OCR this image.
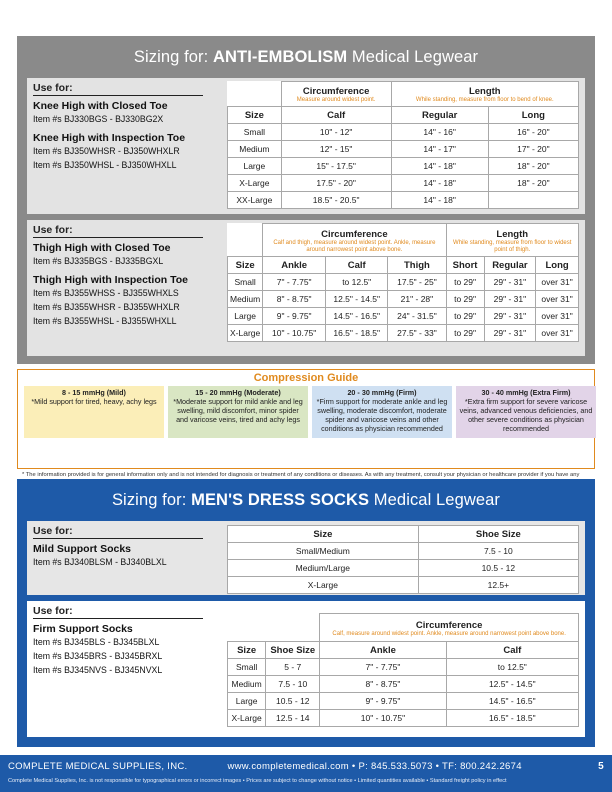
Sizing for: ANTI-EMBOLISM Medical Legwear
Use for:
Knee High with Closed Toe
Item #s BJ330BGS - BJ330BG2X
Knee High with Inspection Toe
Item #s BJ350WHSR - BJ350WHXLR
Item #s BJ350WHSL - BJ350WHXLL
	Circumference
Measure around widest point.	Length
While standing, measure from floor to bend of knee.	

Size	Calf	Regular	Long
Small	10" - 12"	14" - 16"	16" - 20"
Medium	12" - 15"	14" - 17"	17" - 20"
Large	15" - 17.5"	14" - 18"	18" - 20"
X-Large	17.5" - 20"	14" - 18"	18" - 20"
XX-Large	18.5" - 20.5"	14" - 18"	
Use for:
Thigh High with Closed Toe
Item #s BJ335BGS - BJ335BGXL
Thigh High with Inspection Toe
Item #s BJ355WHSS - BJ355WHXLS
Item #s BJ355WHSR - BJ355WHXLR
Item #s BJ355WHSL - BJ355WHXLL
	Circumference
Calf and thigh, measure around widest point. Ankle, measure around narrowest point above bone.			Length
While standing, measure from floor to widest point of thigh.		

Size	Ankle	Calf	Thigh	Short	Regular	Long
Small	7" - 7.75"	to 12.5"	17.5" - 25"	to 29"	29" - 31"	over 31"
Medium	8" - 8.75"	12.5" - 14.5"	21" - 28"	to 29"	29" - 31"	over 31"
Large	9" - 9.75"	14.5" - 16.5"	24" - 31.5"	to 29"	29" - 31"	over 31"
X-Large	10" - 10.75"	16.5" - 18.5"	27.5" - 33"	to 29"	29" - 31"	over 31"
Compression Guide
8 - 15 mmHg (Mild)
*Mild support for tired, heavy, achy legs
15 - 20 mmHg (Moderate)
*Moderate support for mild ankle and leg swelling, mild discomfort, minor spider and varicose veins, tired and achy legs
20 - 30 mmHg (Firm)
*Firm support for moderate ankle and leg swelling, moderate discomfort, moderate spider and varicose veins and other conditions as physician recommended
30 - 40 mmHg (Extra Firm)
*Extra firm support for severe varicose veins, advanced venous deficiencies, and other severe conditions as physician recommended
* The information provided is for general information only and is not intended for diagnosis or treatment of any conditions or diseases. As with any treatment, consult your physician or healthcare provider if you have any
Sizing for: MEN'S DRESS SOCKS Medical Legwear
Use for:
Mild Support Socks
Item #s BJ340BLSM - BJ340BLXL
Size	Shoe Size
Small/Medium	7.5 - 10
Medium/Large	10.5 - 12
X-Large	12.5+
Use for:
Firm Support Socks
Item #s BJ345BLS - BJ345BLXL
Item #s BJ345BRS - BJ345BRXL
Item #s BJ345NVS - BJ345NVXL
		Circumference
Calf, measure around widest point. Ankle, measure around narrowest point above bone.	

Size	Shoe Size	Ankle	Calf
Small	5 - 7	7" - 7.75"	to 12.5"
Medium	7.5 - 10	8" - 8.75"	12.5" - 14.5"
Large	10.5 - 12	9" - 9.75"	14.5" - 16.5"
X-Large	12.5 - 14	10" - 10.75"	16.5" - 18.5"
COMPLETE MEDICAL SUPPLIES, INC.	www.completemedical.com • P: 845.533.5073 • TF: 800.242.2674	5
Complete Medical Supplies, Inc. is not responsible for typographical errors or incorrect images • Prices are subject to change without notice • Limited quantities available • Standard freight policy in effect
